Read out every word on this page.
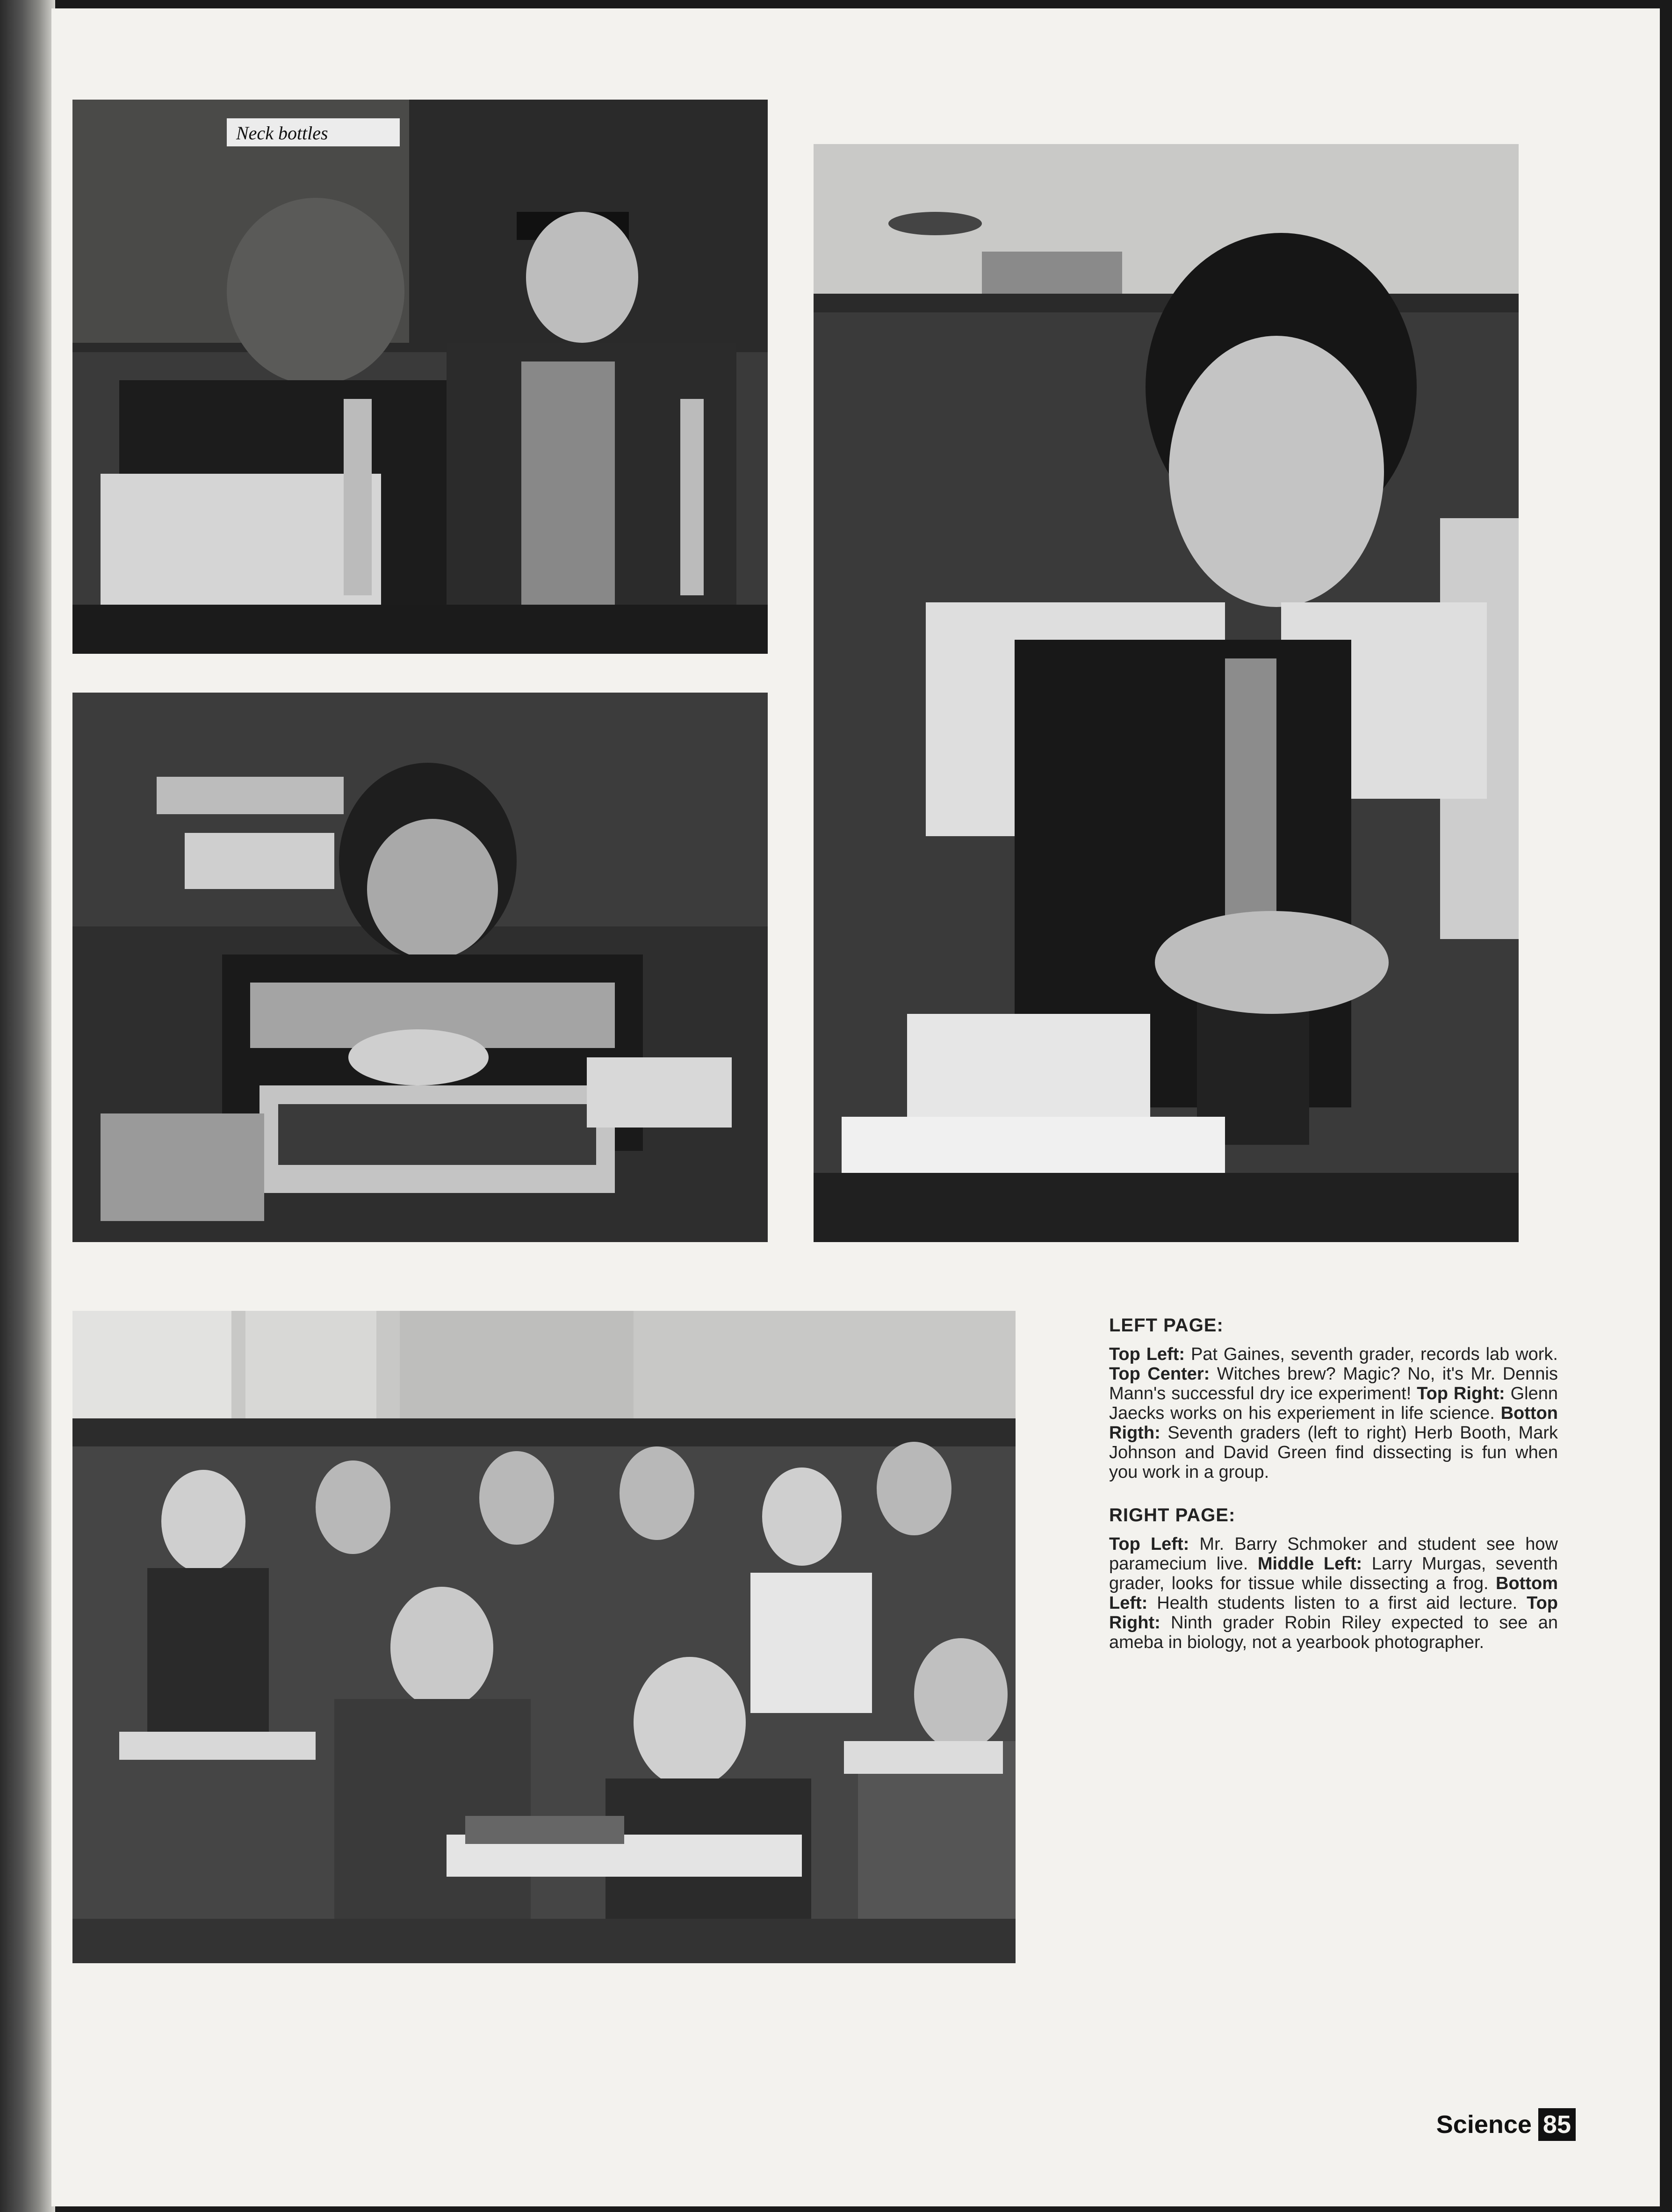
Neck bottles
LEFT PAGE:
Top Left: Pat Gaines, seventh grader, records lab work. Top Center: Witches brew? Magic? No, it's Mr. Dennis Mann's successful dry ice experiment! Top Right: Glenn Jaecks works on his experiement in life science. Botton Rigth: Seventh graders (left to right) Herb Booth, Mark Johnson and David Green find dissecting is fun when you work in a group.
RIGHT PAGE:
Top Left: Mr. Barry Schmoker and student see how paramecium live. Middle Left: Larry Murgas, seventh grader, looks for tissue while dissecting a frog. Bottom Left: Health students listen to a first aid lecture. Top Right: Ninth grader Robin Riley expected to see an ameba in biology, not a yearbook photographer.
Science 85
